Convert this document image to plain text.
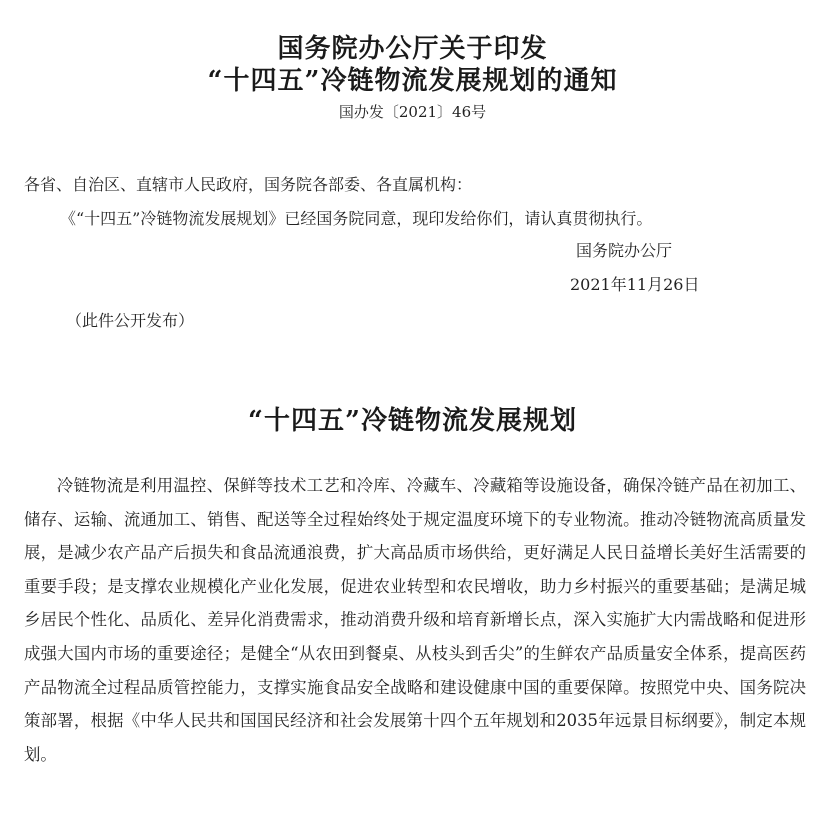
国务院办公厅关于印发
“十四五”冷链物流发展规划的通知
国办发〔2021〕46号
各省、自治区、直辖市人民政府，国务院各部委、各直属机构：
《“十四五”冷链物流发展规划》已经国务院同意，现印发给你们，请认真贯彻执行。
国务院办公厅
2021年11月26日
（此件公开发布）
“十四五”冷链物流发展规划

冷链物流是利用温控、保鲜等技术工艺和冷库、冷藏车、冷藏箱等设施设备，确保冷链产品在初加工、储存、运输、流通加工、销售、配送等全过程始终处于规定温度环境下的专业物流。推动冷链物流高质量发展，是减少农产品产后损失和食品流通浪费，扩大高品质市场供给，更好满足人民日益增长美好生活需要的重要手段；是支撑农业规模化产业化发展，促进农业转型和农民增收，助力乡村振兴的重要基础；是满足城乡居民个性化、品质化、差异化消费需求，推动消费升级和培育新增长点，深入实施扩大内需战略和促进形成强大国内市场的重要途径；是健全“从农田到餐桌、从枝头到舌尖”的生鲜农产品质量安全体系，提高医药产品物流全过程品质管控能力，支撑实施食品安全战略和建设健康中国的重要保障。按照党中央、国务院决策部署，根据《中华人民共和国国民经济和社会发展第十四个五年规划和2035年远景目标纲要》，制定本规划。
